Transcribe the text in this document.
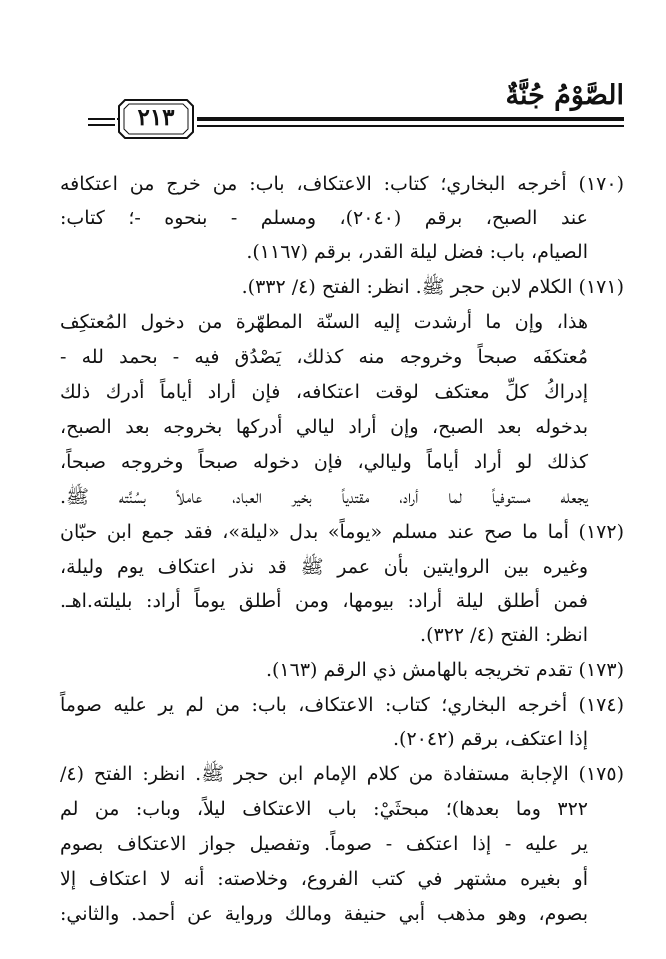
الصَّوْمُ جُنَّةٌ
٢١٣
(١٧٠) أخرجه البخاري؛ كتاب: الاعتكاف، باب: من خرج من اعتكافه
عند الصبح، برقم (٢٠٤٠)، ومسلم - بنحوه -؛ كتاب:
الصيام، باب: فضل ليلة القدر، برقم (١١٦٧).
(١٧١) الكلام لابن حجر ﷺ. انظر: الفتح (٤/ ٣٣٢).
هذا، وإن ما أرشدت إليه السنّة المطهّرة من دخول المُعتكِف
مُعتكفَه صبحاً وخروجه منه كذلك، يَصْدُق فيه - بحمد لله -
إدراكُ كلِّ معتكف لوقت اعتكافه، فإن أراد أياماً أدرك ذلك
بدخوله بعد الصبح، وإن أراد ليالي أدركها بخروجه بعد الصبح،
كذلك لو أراد أياماً وليالي، فإن دخوله صبحاً وخروجه صبحاً،
يجعله مستوفياً لما أراد، مقتدياً بخير العباد، عاملاً بسُنَّته ﷺ.
(١٧٢) أما ما صح عند مسلم «يوماً» بدل «ليلة»، فقد جمع ابن حبّان
وغيره بين الروايتين بأن عمر ﷺ قد نذر اعتكاف يوم وليلة،
فمن أطلق ليلة أراد: بيومها، ومن أطلق يوماً أراد: بليلته.اهـ.
انظر: الفتح (٤/ ٣٢٢).
(١٧٣) تقدم تخريجه بالهامش ذي الرقم (١٦٣).
(١٧٤) أخرجه البخاري؛ كتاب: الاعتكاف، باب: من لم ير عليه صوماً
إذا اعتكف، برقم (٢٠٤٢).
(١٧٥) الإجابة مستفادة من كلام الإمام ابن حجر ﷺ. انظر: الفتح (٤/
٣٢٢ وما بعدها)؛ مبحثَيْ: باب الاعتكاف ليلاً، وباب: من لم
ير عليه - إذا اعتكف - صوماً. وتفصيل جواز الاعتكاف بصوم
أو بغيره مشتهر في كتب الفروع، وخلاصته: أنه لا اعتكاف إلا
بصوم، وهو مذهب أبي حنيفة ومالك ورواية عن أحمد. والثاني:
